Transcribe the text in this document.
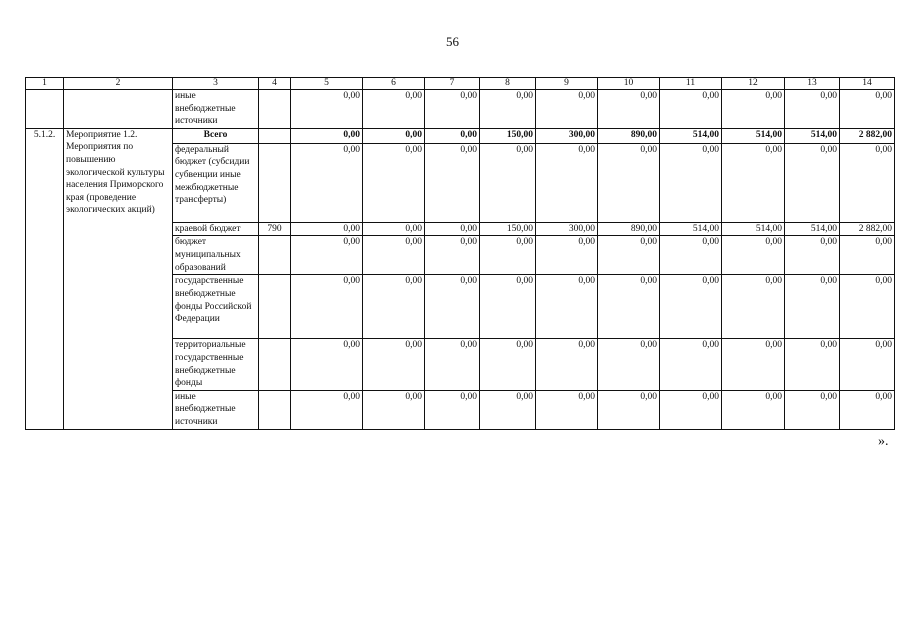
56
1	2	3	4	5	6	7	8	9	10	11	12	13	14
		иные внебюджетные источники		0,00	0,00	0,00	0,00	0,00	0,00	0,00	0,00	0,00	0,00
5.1.2.	Мероприятие 1.2. Мероприятия по повышению экологической культуры населения Приморского края (проведение экологических акций)	Всего		0,00	0,00	0,00	150,00	300,00	890,00	514,00	514,00	514,00	2 882,00
		федеральный бюджет (субсидии субвенции иные межбюджетные трансферты)		0,00	0,00	0,00	0,00	0,00	0,00	0,00	0,00	0,00	0,00
		краевой бюджет	790	0,00	0,00	0,00	150,00	300,00	890,00	514,00	514,00	514,00	2 882,00
		бюджет муниципальных образований		0,00	0,00	0,00	0,00	0,00	0,00	0,00	0,00	0,00	0,00
		государственные внебюджетные фонды Российской Федерации		0,00	0,00	0,00	0,00	0,00	0,00	0,00	0,00	0,00	0,00
		территориальные государственные внебюджетные фонды		0,00	0,00	0,00	0,00	0,00	0,00	0,00	0,00	0,00	0,00
		иные внебюджетные источники		0,00	0,00	0,00	0,00	0,00	0,00	0,00	0,00	0,00	0,00
».
